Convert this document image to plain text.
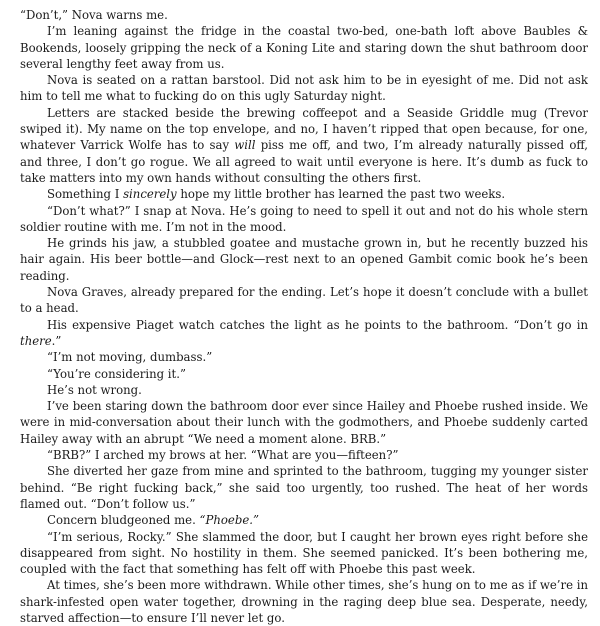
“Don’t,” Nova warns me.

I’m leaning against the fridge in the coastal two-bed, one-bath loft above Baubles & Bookends, loosely gripping the neck of a Koning Lite and staring down the shut bathroom door several lengthy feet away from us.

Nova is seated on a rattan barstool. Did not ask him to be in eyesight of me. Did not ask him to tell me what to fucking do on this ugly Saturday night.

Letters are stacked beside the brewing coffeepot and a Seaside Griddle mug (Trevor swiped it). My name on the top envelope, and no, I haven’t ripped that open because, for one, whatever Varrick Wolfe has to say will piss me off, and two, I’m already naturally pissed off, and three, I don’t go rogue. We all agreed to wait until everyone is here. It’s dumb as fuck to take matters into my own hands without consulting the others first.

Something I sincerely hope my little brother has learned the past two weeks.

“Don’t what?” I snap at Nova. He’s going to need to spell it out and not do his whole stern soldier routine with me. I’m not in the mood.

He grinds his jaw, a stubbled goatee and mustache grown in, but he recently buzzed his hair again. His beer bottle—and Glock—rest next to an opened Gambit comic book he’s been reading.

Nova Graves, already prepared for the ending. Let’s hope it doesn’t conclude with a bullet to a head.

His expensive Piaget watch catches the light as he points to the bathroom. “Don’t go in there.”

“I’m not moving, dumbass.”

“You’re considering it.”

He’s not wrong.

I’ve been staring down the bathroom door ever since Hailey and Phoebe rushed inside. We were in mid-conversation about their lunch with the godmothers, and Phoebe suddenly carted Hailey away with an abrupt “We need a moment alone. BRB.”

“BRB?” I arched my brows at her. “What are you—fifteen?”

She diverted her gaze from mine and sprinted to the bathroom, tugging my younger sister behind. “Be right fucking back,” she said too urgently, too rushed. The heat of her words flamed out. “Don’t follow us.”

Concern bludgeoned me. “Phoebe.”

“I’m serious, Rocky.” She slammed the door, but I caught her brown eyes right before she disappeared from sight. No hostility in them. She seemed panicked. It’s been bothering me, coupled with the fact that something has felt off with Phoebe this past week.

At times, she’s been more withdrawn. While other times, she’s hung on to me as if we’re in shark-infested open water together, drowning in the raging deep blue sea. Desperate, needy, starved affection—to ensure I’ll never let go.
